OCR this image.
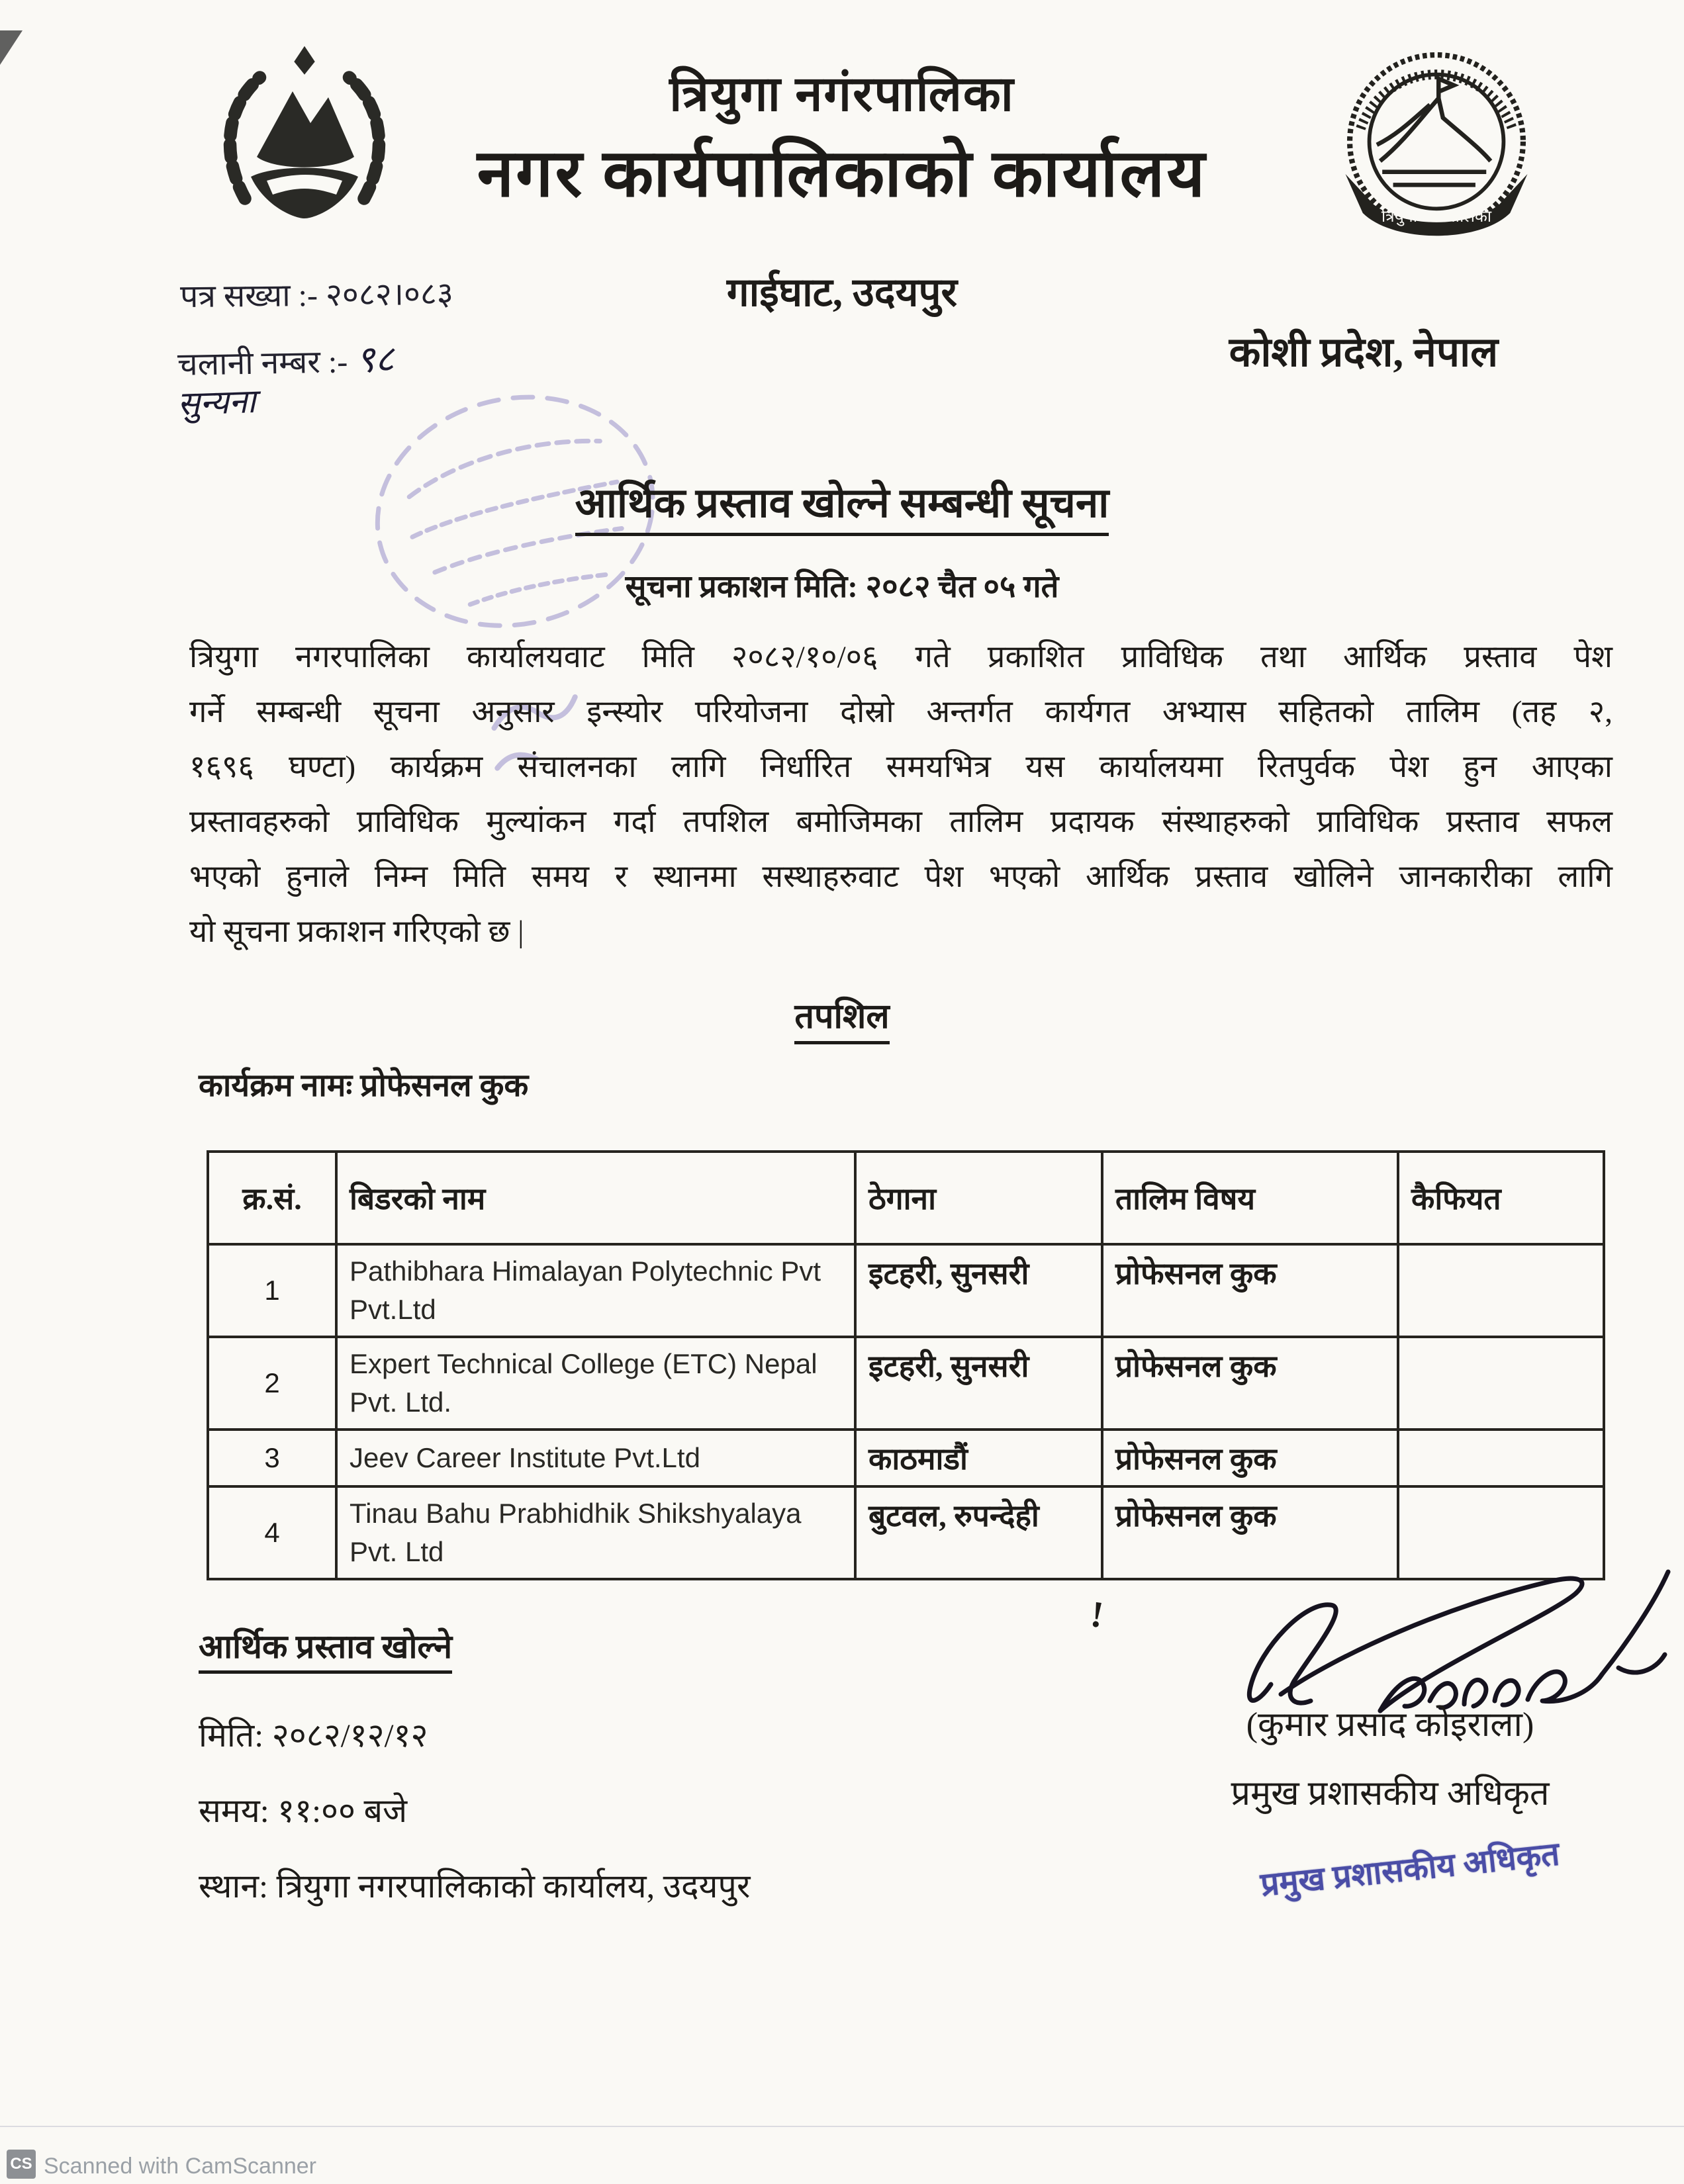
त्रियुगा नगरपालिका
त्रियुगा नगंरपालिका
नगर कार्यपालिकाको कार्यालय
गाईघाट, उदयपुर
कोशी प्रदेश, नेपाल
पत्र सख्या :- २०८२।०८३
चलानी नम्बर :- ९८
सुन्यना
आर्थिक प्रस्ताव खोल्ने सम्बन्धी सूचना
सूचना प्रकाशन मिति: २०८२ चैत ०५ गते
त्रियुगा नगरपालिका कार्यालयवाट मिति २०८२/१०/०६ गते प्रकाशित प्राविधिक तथा आर्थिक प्रस्ताव पेश
गर्ने सम्बन्धी सूचना अनुसार इन्स्योर परियोजना दोस्रो अन्तर्गत कार्यगत अभ्यास सहितको तालिम (तह २,
१६९६ घण्टा) कार्यक्रम संचालनका लागि निर्धारित समयभित्र यस कार्यालयमा रितपुर्वक पेश हुन आएका
प्रस्तावहरुको प्राविधिक मुल्यांकन गर्दा तपशिल बमोजिमका तालिम प्रदायक संस्थाहरुको प्राविधिक प्रस्ताव सफल
भएको हुनाले निम्न मिति समय र स्थानमा सस्थाहरुवाट पेश भएको आर्थिक प्रस्ताव खोलिने जानकारीका लागि
यो सूचना प्रकाशन गरिएको छ |
तपशिल
कार्यक्रम नामः प्रोफेसनल कुक
क्र.सं.	बिडरको नाम	ठेगाना	तालिम विषय	कैफियत
1	Pathibhara Himalayan Polytechnic Pvt Pvt.Ltd	इटहरी, सुनसरी	प्रोफेसनल कुक	
2	Expert Technical College (ETC) Nepal Pvt. Ltd.	इटहरी, सुनसरी	प्रोफेसनल कुक	
3	Jeev Career Institute Pvt.Ltd	काठमाडौं	प्रोफेसनल कुक	
4	Tinau Bahu Prabhidhik Shikshyalaya Pvt. Ltd	बुटवल, रुपन्देही	प्रोफेसनल कुक	
आर्थिक प्रस्ताव खोल्ने
!
मिति: २०८२/१२/१२
समय: ११:०० बजे
स्थान: त्रियुगा नगरपालिकाको कार्यालय, उदयपुर
(कुमार प्रसाद कोइराला)
प्रमुख प्रशासकीय अधिकृत
प्रमुख प्रशासकीय अधिकृत
CS Scanned with CamScanner
